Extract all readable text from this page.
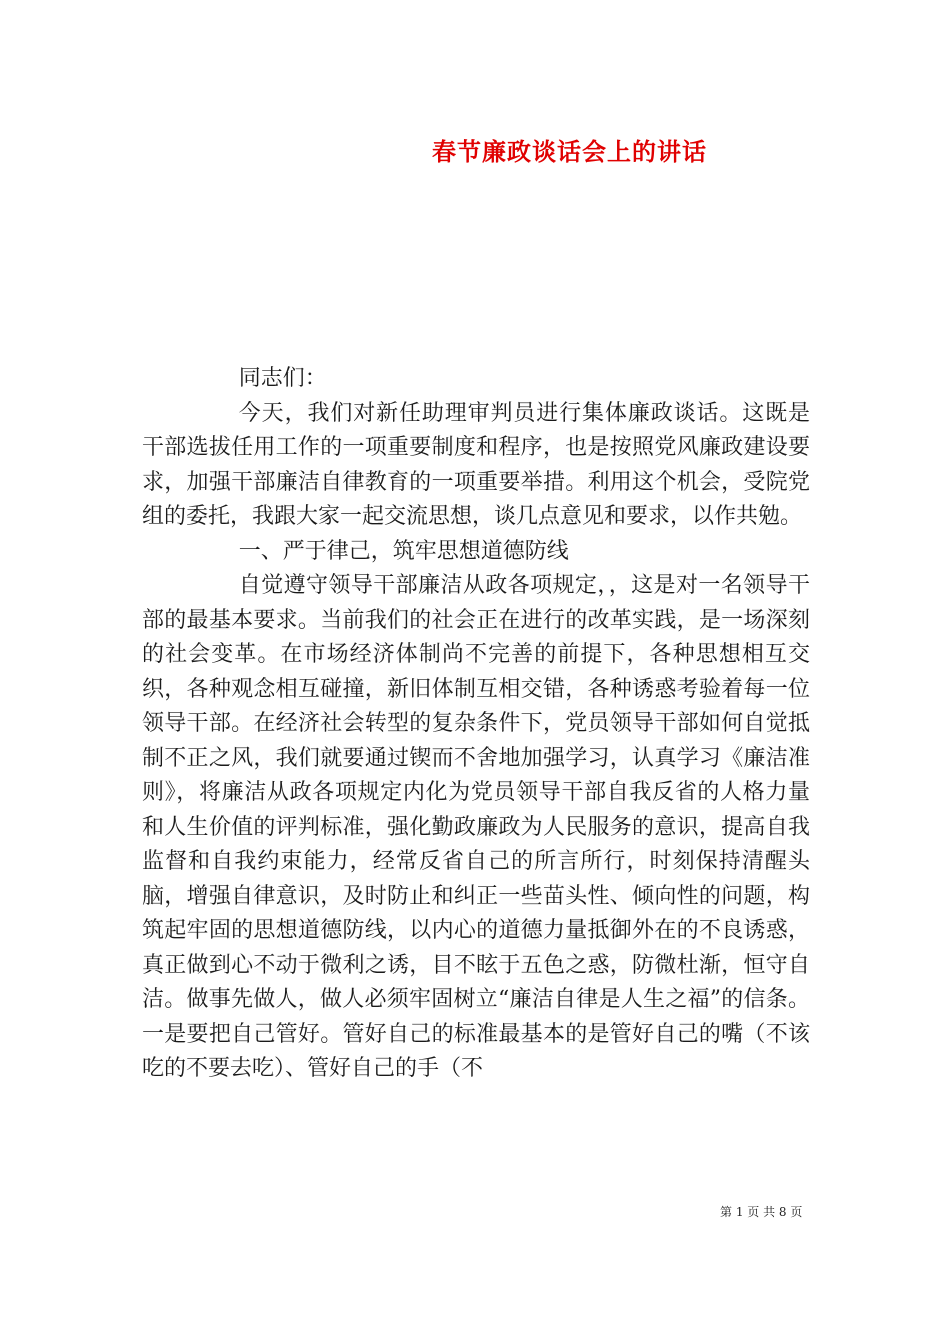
春节廉政谈话会上的讲话

同志们：

今天，我们对新任助理审判员进行集体廉政谈话。这既是干部选拔任用工作的一项重要制度和程序，也是按照党风廉政建设要求，加强干部廉洁自律教育的一项重要举措。利用这个机会，受院党组的委托，我跟大家一起交流思想，谈几点意见和要求，以作共勉。

一、严于律己，筑牢思想道德防线

自觉遵守领导干部廉洁从政各项规定，，这是对一名领导干部的最基本要求。当前我们的社会正在进行的改革实践，是一场深刻的社会变革。在市场经济体制尚不完善的前提下，各种思想相互交织，各种观念相互碰撞，新旧体制互相交错，各种诱惑考验着每一位领导干部。在经济社会转型的复杂条件下，党员领导干部如何自觉抵制不正之风，我们就要通过锲而不舍地加强学习，认真学习《廉洁准则》，将廉洁从政各项规定内化为党员领导干部自我反省的人格力量和人生价值的评判标准，强化勤政廉政为人民服务的意识，提高自我监督和自我约束能力，经常反省自己的所言所行，时刻保持清醒头脑，增强自律意识，及时防止和纠正一些苗头性、倾向性的问题，构筑起牢固的思想道德防线，以内心的道德力量抵御外在的不良诱惑，真正做到心不动于微利之诱，目不眩于五色之惑，防微杜渐，恒守自洁。做事先做人，做人必须牢固树立“廉洁自律是人生之福”的信条。一是要把自己管好。管好自己的标准最基本的是管好自己的嘴（不该吃的不要去吃）、管好自己的手（不

第 1 页 共 8 页
